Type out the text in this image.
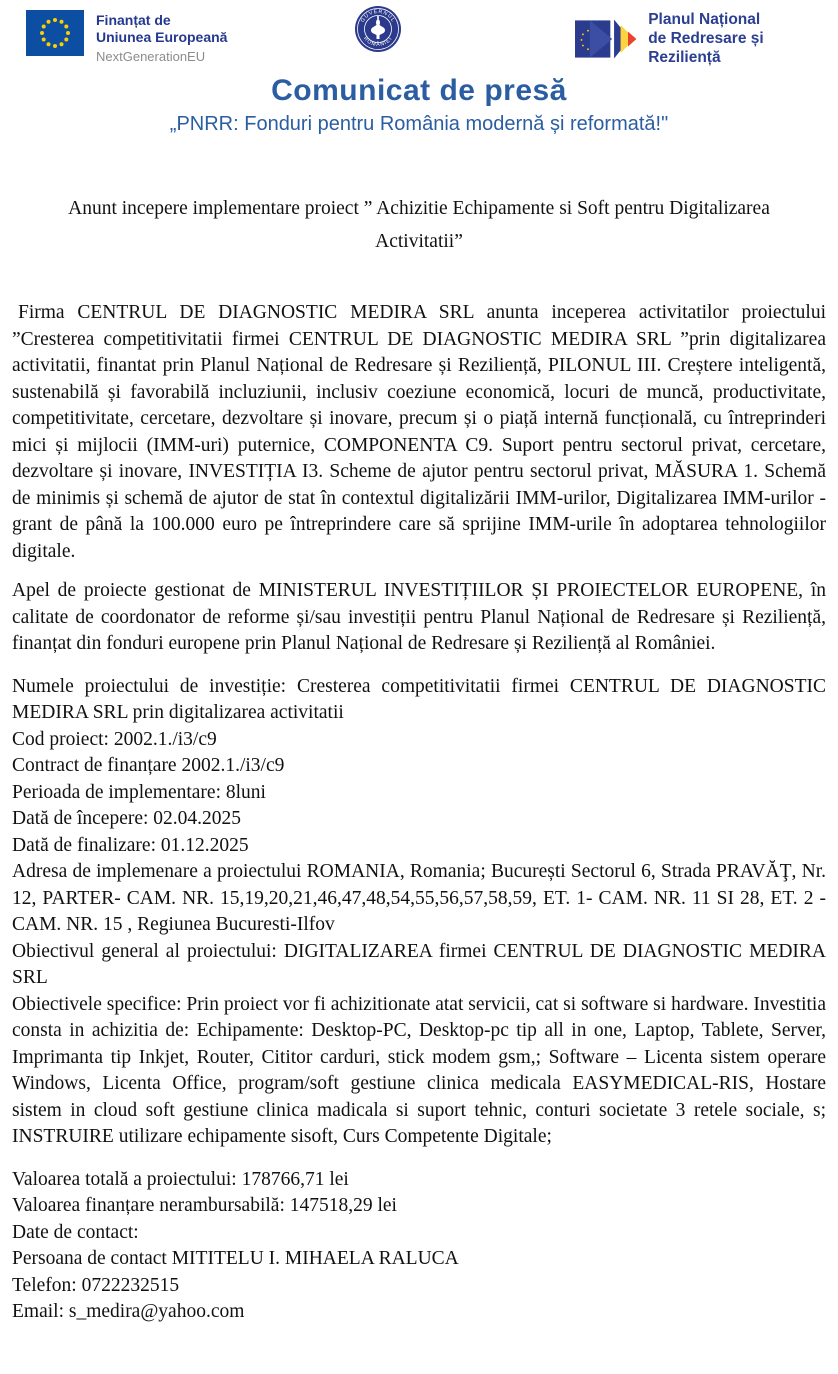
Finanțat de
Uniunea Europeană
NextGenerationEU
GUVERNUL
ROMÂNIEI
Planul Național
de Redresare și Reziliență
Comunicat de presă
„PNRR: Fonduri pentru România modernă și reformată!"
Anunt incepere implementare proiect ” Achizitie Echipamente si Soft pentru Digitalizarea Activitatii”

Firma CENTRUL DE DIAGNOSTIC MEDIRA SRL anunta inceperea activitatilor proiectului ”Cresterea competitivitatii firmei CENTRUL DE DIAGNOSTIC MEDIRA SRL ”prin digitalizarea activitatii, finantat prin Planul Național de Redresare și Reziliență, PILONUL III. Creștere inteligentă, sustenabilă și favorabilă incluziunii, inclusiv coeziune economică, locuri de muncă, productivitate, competitivitate, cercetare, dezvoltare și inovare, precum și o piață internă funcțională, cu întreprinderi mici și mijlocii (IMM-uri) puternice, COMPONENTA C9. Suport pentru sectorul privat, cercetare, dezvoltare și inovare, INVESTIȚIA I3. Scheme de ajutor pentru sectorul privat, MĂSURA 1. Schemă de minimis și schemă de ajutor de stat în contextul digitalizării IMM-urilor, Digitalizarea IMM-urilor - grant de până la 100.000 euro pe întreprindere care să sprijine IMM-urile în adoptarea tehnologiilor digitale.

Apel de proiecte gestionat de MINISTERUL INVESTIȚIILOR ȘI PROIECTELOR EUROPENE, în calitate de coordonator de reforme și/sau investiții pentru Planul Național de Redresare și Reziliență, finanțat din fonduri europene prin Planul Național de Redresare și Reziliență al României.

Numele proiectului de investiție: Cresterea competitivitatii firmei CENTRUL DE DIAGNOSTIC MEDIRA SRL prin digitalizarea activitatii
Cod proiect: 2002.1./i3/c9
Contract de finanțare 2002.1./i3/c9
Perioada de implementare: 8luni
Dată de începere: 02.04.2025
Dată de finalizare: 01.12.2025
Adresa de implemenare a proiectului ROMANIA, Romania; București Sectorul 6, Strada PRAVĂŢ, Nr. 12, PARTER- CAM. NR. 15,19,20,21,46,47,48,54,55,56,57,58,59, ET. 1- CAM. NR. 11 SI 28, ET. 2 - CAM. NR. 15 , Regiunea Bucuresti-Ilfov
Obiectivul general al proiectului: DIGITALIZAREA firmei CENTRUL DE DIAGNOSTIC MEDIRA SRL
Obiectivele specifice: Prin proiect vor fi achizitionate atat servicii, cat si software si hardware. Investitia consta in achizitia de: Echipamente: Desktop-PC, Desktop-pc tip all in one, Laptop, Tablete, Server, Imprimanta tip Inkjet, Router, Cititor carduri, stick modem gsm,; Software – Licenta sistem operare Windows, Licenta Office, program/soft gestiune clinica medicala EASYMEDICAL-RIS, Hostare sistem in cloud soft gestiune clinica madicala si suport tehnic, conturi societate 3 retele sociale, s; INSTRUIRE utilizare echipamente sisoft, Curs Competente Digitale;
Valoarea totală a proiectului: 178766,71 lei
Valoarea finanțare nerambursabilă: 147518,29 lei
Date de contact:
Persoana de contact MITITELU I. MIHAELA RALUCA
Telefon: 0722232515
Email: s_medira@yahoo.com
